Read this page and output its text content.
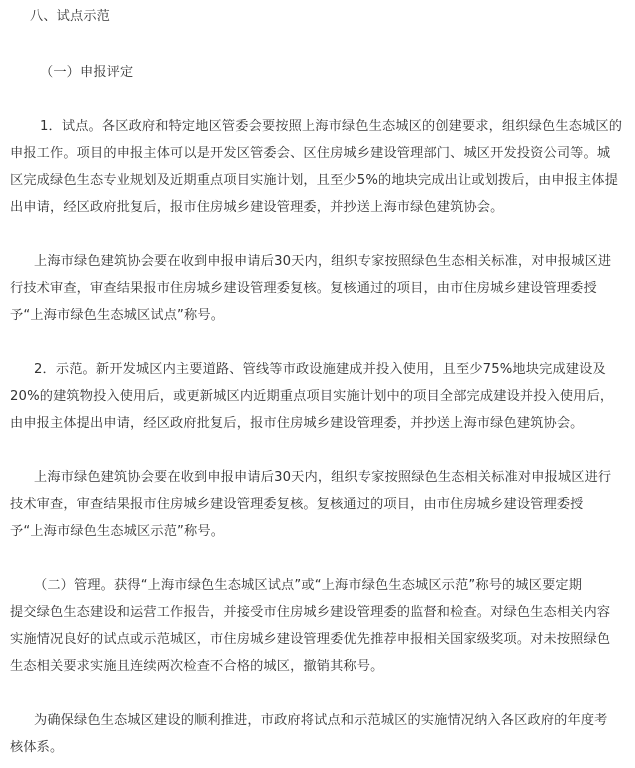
八、试点示范
（一）申报评定
1．试点。各区政府和特定地区管委会要按照上海市绿色生态城区的创建要求，组织绿色生态城区的
申报工作。项目的申报主体可以是开发区管委会、区住房城乡建设管理部门、城区开发投资公司等。城
区完成绿色生态专业规划及近期重点项目实施计划，且至少5%的地块完成出让或划拨后，由申报主体提
出申请，经区政府批复后，报市住房城乡建设管理委，并抄送上海市绿色建筑协会。
上海市绿色建筑协会要在收到申报申请后30天内，组织专家按照绿色生态相关标准，对申报城区进
行技术审查，审查结果报市住房城乡建设管理委复核。复核通过的项目，由市住房城乡建设管理委授
予“上海市绿色生态城区试点”称号。
2．示范。新开发城区内主要道路、管线等市政设施建成并投入使用，且至少75%地块完成建设及
20%的建筑物投入使用后，或更新城区内近期重点项目实施计划中的项目全部完成建设并投入使用后，
由申报主体提出申请，经区政府批复后，报市住房城乡建设管理委，并抄送上海市绿色建筑协会。
上海市绿色建筑协会要在收到申报申请后30天内，组织专家按照绿色生态相关标准对申报城区进行
技术审查，审查结果报市住房城乡建设管理委复核。复核通过的项目，由市住房城乡建设管理委授
予“上海市绿色生态城区示范”称号。
（二）管理。获得“上海市绿色生态城区试点”或“上海市绿色生态城区示范”称号的城区要定期
提交绿色生态建设和运营工作报告，并接受市住房城乡建设管理委的监督和检查。对绿色生态相关内容
实施情况良好的试点或示范城区，市住房城乡建设管理委优先推荐申报相关国家级奖项。对未按照绿色
生态相关要求实施且连续两次检查不合格的城区，撤销其称号。
为确保绿色生态城区建设的顺利推进，市政府将试点和示范城区的实施情况纳入各区政府的年度考
核体系。
